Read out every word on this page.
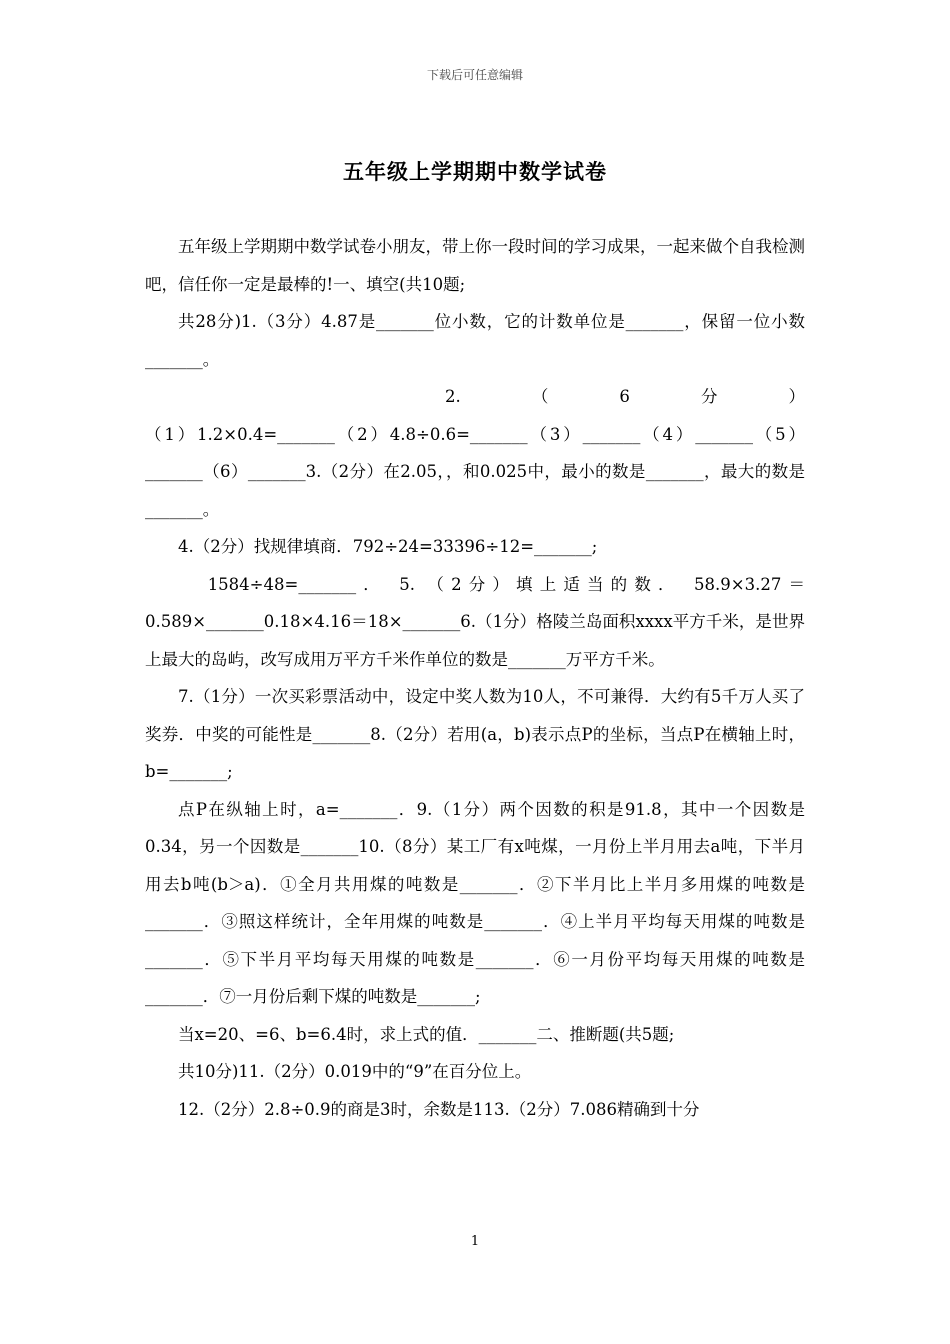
下载后可任意编辑
五年级上学期期中数学试卷

五年级上学期期中数学试卷小朋友，带上你一段时间的学习成果，一起来做个自我检测吧，信任你一定是最棒的!一、填空(共10题;

共28分)1.（3分）4.87是_______位小数，它的计数单位是_______，保留一位小数_______。

2.	（	6	分	）

（1）1.2×0.4=_______（2）4.8÷0.6=_______（3）_______（4）_______（5）_______（6）_______3.（2分）在2.05，，和0.025中，最小的数是_______，最大的数是_______。

4.（2分）找规律填商．792÷24=33396÷12=_______;

1584÷48=_______． 5. （2分）填上适当的数． 58.9×3.27＝0.589×_______0.18×4.16＝18×_______6.（1分）格陵兰岛面积xxxx平方千米，是世界上最大的岛屿，改写成用万平方千米作单位的数是_______万平方千米。

7.（1分）一次买彩票活动中，设定中奖人数为10人，不可兼得．大约有5千万人买了奖券．中奖的可能性是_______8.（2分）若用(a，b)表示点P的坐标，当点P在横轴上时，b=_______;

点P在纵轴上时，a=_______．9.（1分）两个因数的积是91.8，其中一个因数是0.34，另一个因数是_______10.（8分）某工厂有x吨煤，一月份上半月用去a吨，下半月用去b吨(b＞a)．①全月共用煤的吨数是_______．②下半月比上半月多用煤的吨数是_______．③照这样统计，全年用煤的吨数是_______．④上半月平均每天用煤的吨数是_______．⑤下半月平均每天用煤的吨数是_______．⑥一月份平均每天用煤的吨数是_______．⑦一月份后剩下煤的吨数是_______;

当x=20、=6、b=6.4时，求上式的值．_______二、推断题(共5题;

共10分)11.（2分）0.019中的“9”在百分位上。

12.（2分）2.8÷0.9的商是3时，余数是113.（2分）7.086精确到十分

1
